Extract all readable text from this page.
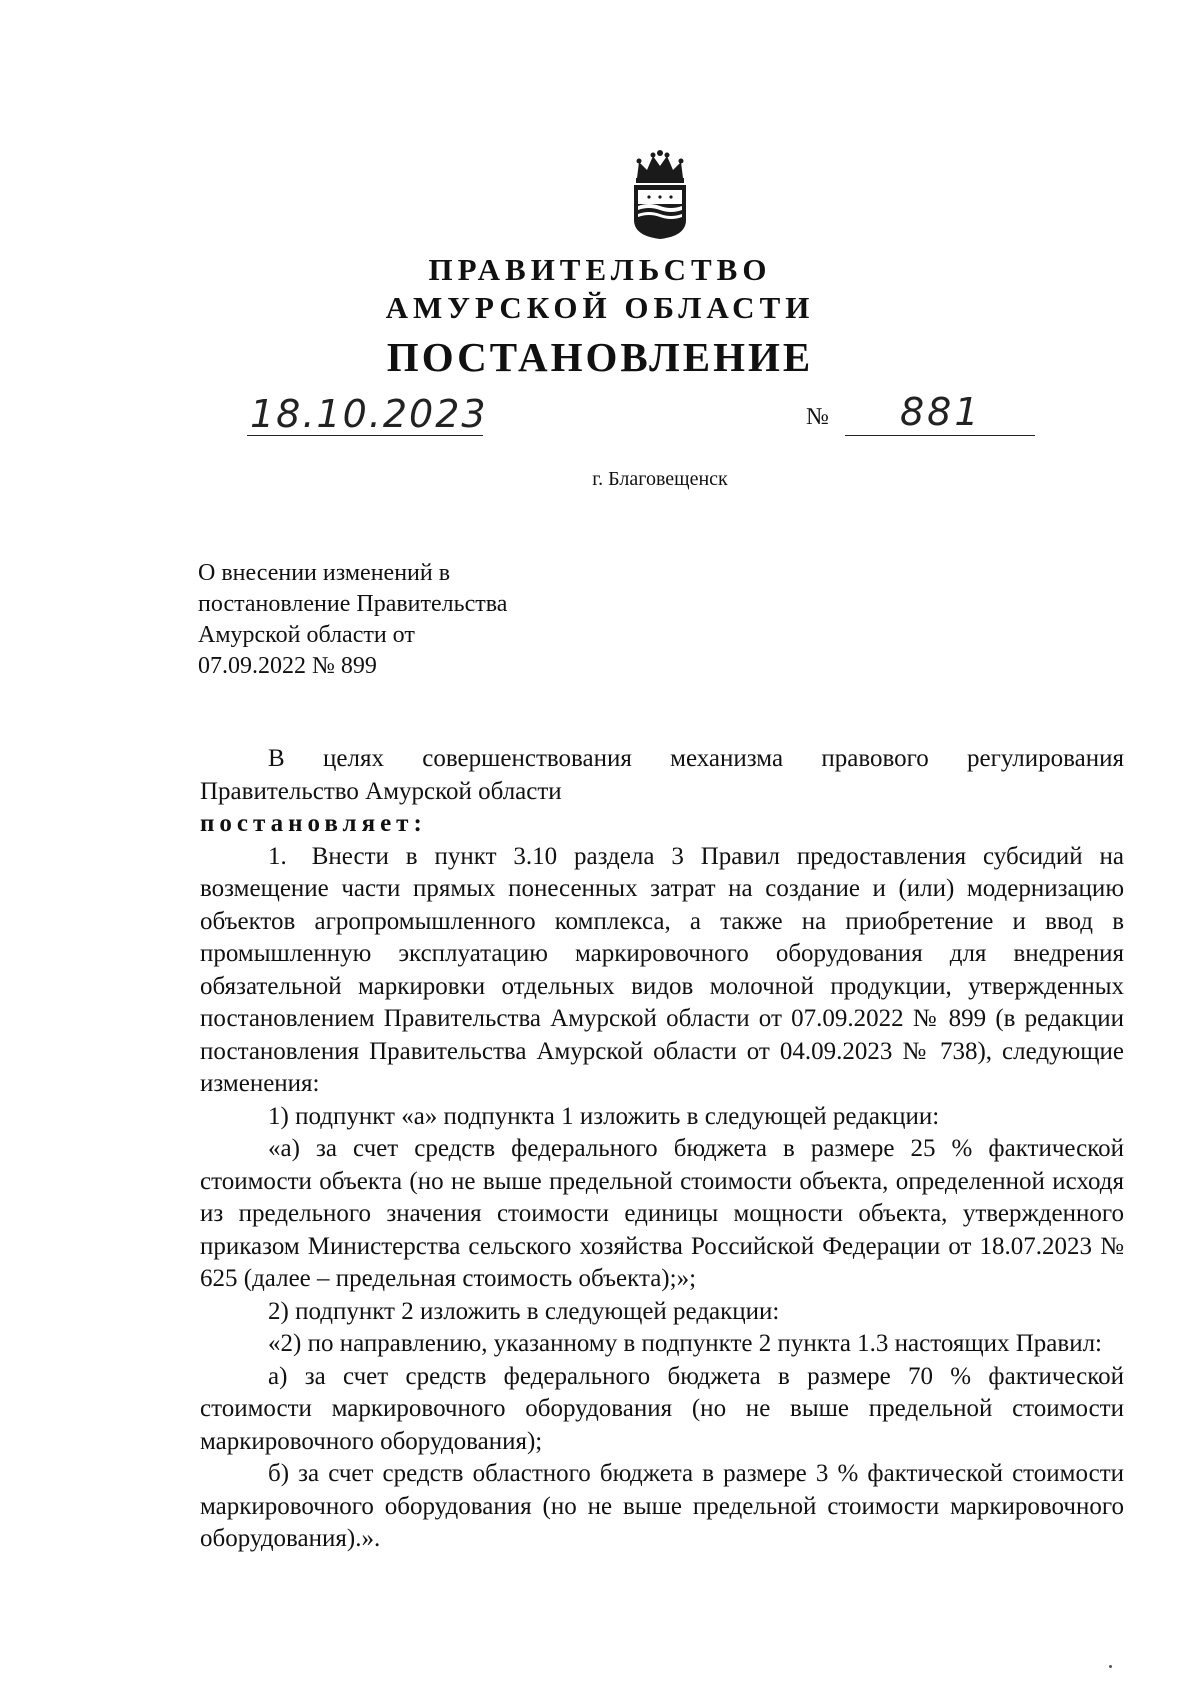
ПРАВИТЕЛЬСТВО
АМУРСКОЙ ОБЛАСТИ
ПОСТАНОВЛЕНИЕ
18.10.2023	№ 881
г. Благовещенск
О внесении изменений в
постановление Правительства
Амурской области от
07.09.2022 № 899

В целях совершенствования механизма правового регулирования Правительство Амурской области

постановляет:

1. Внести в пункт 3.10 раздела 3 Правил предоставления субсидий на возмещение части прямых понесенных затрат на создание и (или) модернизацию объектов агропромышленного комплекса, а также на приобретение и ввод в промышленную эксплуатацию маркировочного оборудования для внедрения обязательной маркировки отдельных видов молочной продукции, утвержденных постановлением Правительства Амурской области от 07.09.2022 № 899 (в редакции постановления Правительства Амурской области от 04.09.2023 № 738), следующие изменения:

1) подпункт «а» подпункта 1 изложить в следующей редакции:

«а) за счет средств федерального бюджета в размере 25 % фактической стоимости объекта (но не выше предельной стоимости объекта, определенной исходя из предельного значения стоимости единицы мощности объекта, утвержденного приказом Министерства сельского хозяйства Российской Федерации от 18.07.2023 № 625 (далее – предельная стоимость объекта);»;

2) подпункт 2 изложить в следующей редакции:

«2) по направлению, указанному в подпункте 2 пункта 1.3 настоящих Правил:

а) за счет средств федерального бюджета в размере 70 % фактической стоимости маркировочного оборудования (но не выше предельной стоимости маркировочного оборудования);

б) за счет средств областного бюджета в размере 3 % фактической стоимости маркировочного оборудования (но не выше предельной стоимости маркировочного оборудования).».
